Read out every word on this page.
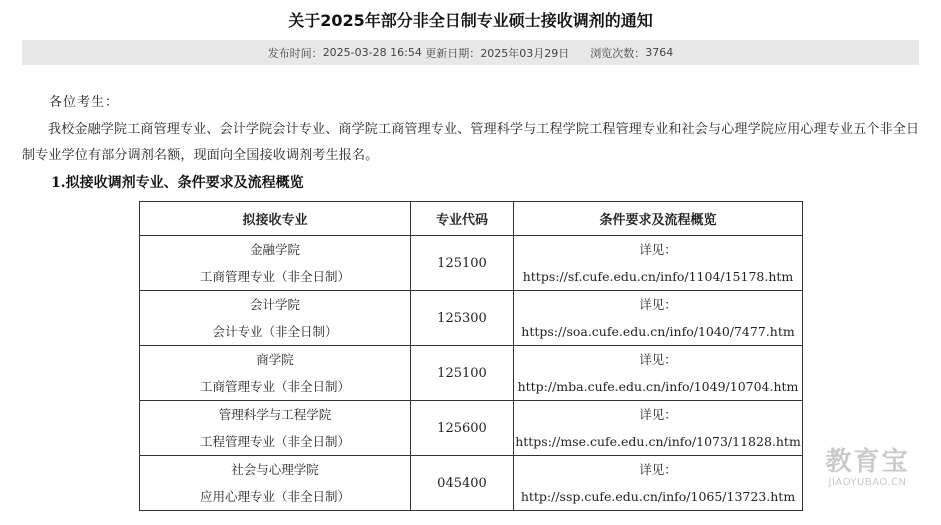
关于2025年部分非全日制专业硕士接收调剂的通知
发布时间： 2025-03-28 16:54
更新日期： 2025年03月29日
浏览次数： 3764
各位考生：
我校金融学院工商管理专业、会计学院会计专业、商学院工商管理专业、管理科学与工程学院工程管理专业和社会与心理学院应用心理专业五个非全日制专业学位有部分调剂名额，现面向全国接收调剂考生报名。
1.拟接收调剂专业、条件要求及流程概览
拟接收专业	专业代码	条件要求及流程概览

金融学院
工商管理专业（非全日制）	125100	详见：
https://sf.cufe.edu.cn/info/1104/15178.htm

会计学院
会计专业（非全日制）	125300	详见：
https://soa.cufe.edu.cn/info/1040/7477.htm

商学院
工商管理专业（非全日制）	125100	详见：
http://mba.cufe.edu.cn/info/1049/10704.htm

管理科学与工程学院
工程管理专业（非全日制）	125600	详见：
https://mse.cufe.edu.cn/info/1073/11828.htm

社会与心理学院
应用心理专业（非全日制）	045400	详见：
http://ssp.cufe.edu.cn/info/1065/13723.htm
教育宝
JIAOYUBAO.CN
